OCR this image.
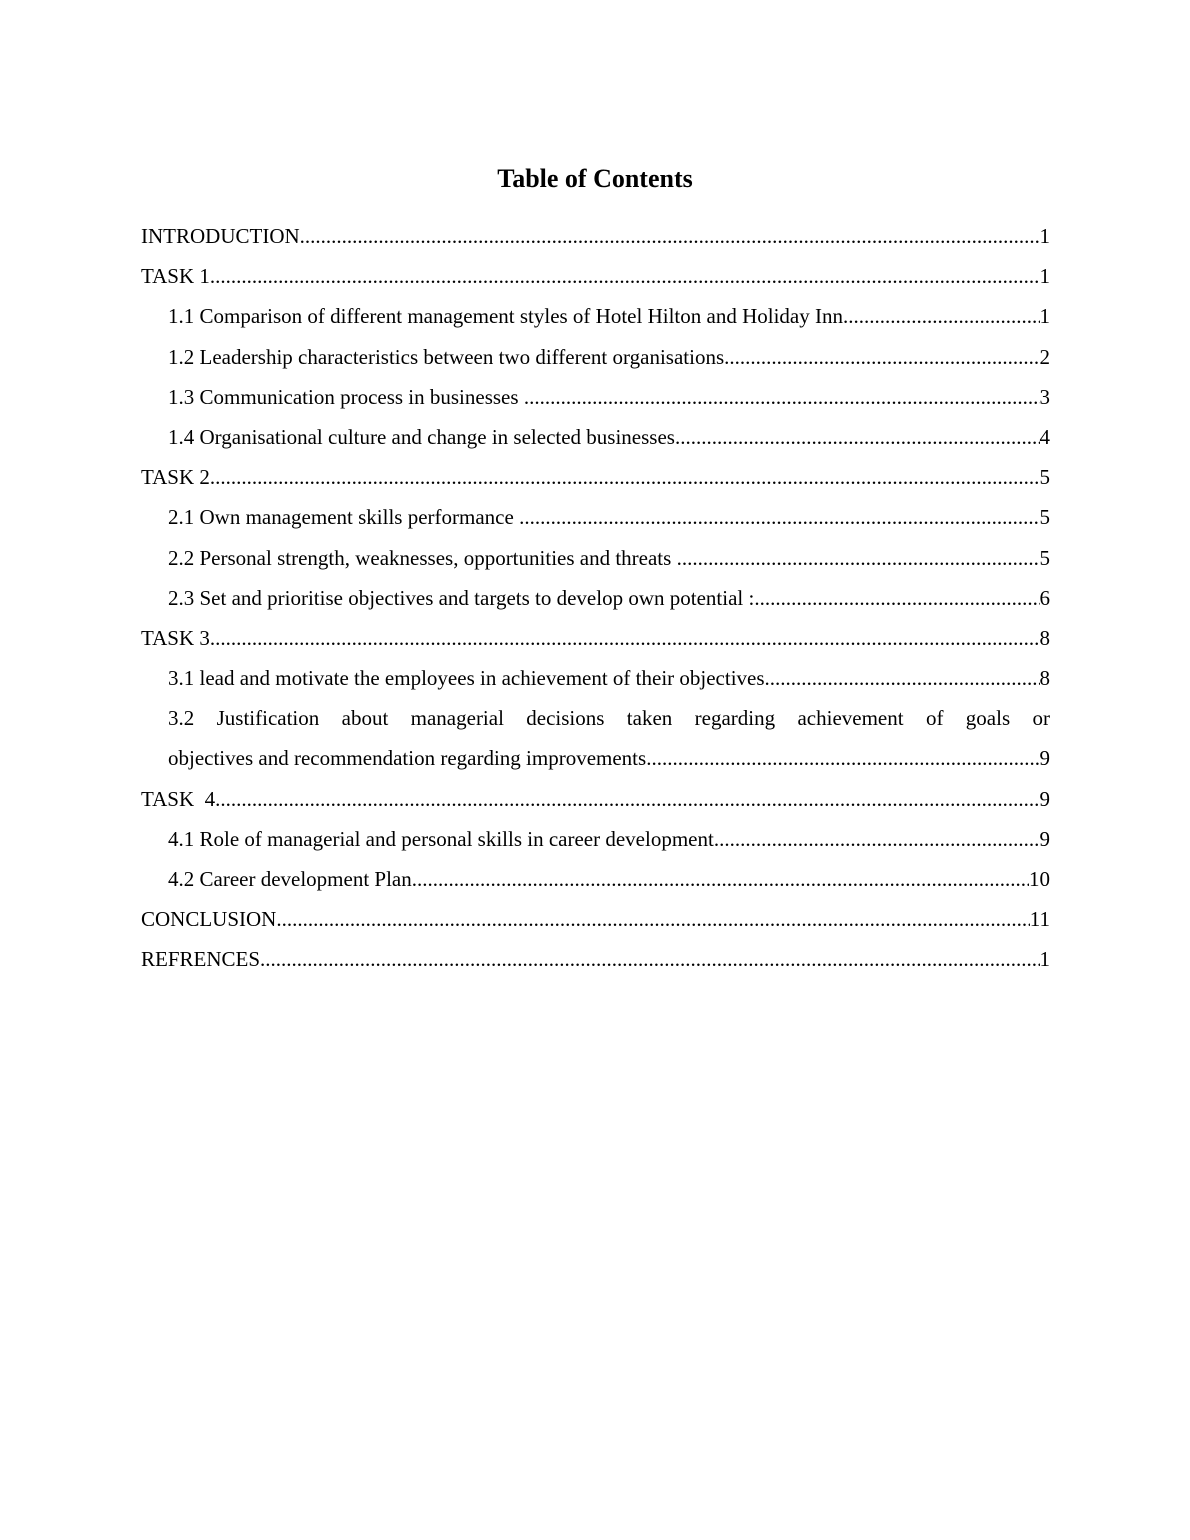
Table of Contents
INTRODUCTION .....	1
TASK 1 .....	1
1.1 Comparison of different management styles of Hotel Hilton and Holiday Inn .....	1
1.2 Leadership characteristics between two different organisations .....	2
1.3 Communication process in businesses .....	3
1.4 Organisational culture and change in selected businesses .....	4
TASK 2 .....	5
2.1 Own management skills performance .....	5
2.2 Personal strength, weaknesses, opportunities and threats .....	5
2.3 Set and prioritise objectives and targets to develop own potential : .....	6
TASK 3 .....	8
3.1 lead and motivate the employees in achievement of their objectives .....	8
3.2 Justification about managerial decisions taken regarding achievement of goals or
objectives and recommendation regarding improvements .....	9
TASK  4 .....	9
4.1 Role of managerial and personal skills in career development .....	9
4.2 Career development Plan .....	10
CONCLUSION .....	11
REFRENCES .....	1
